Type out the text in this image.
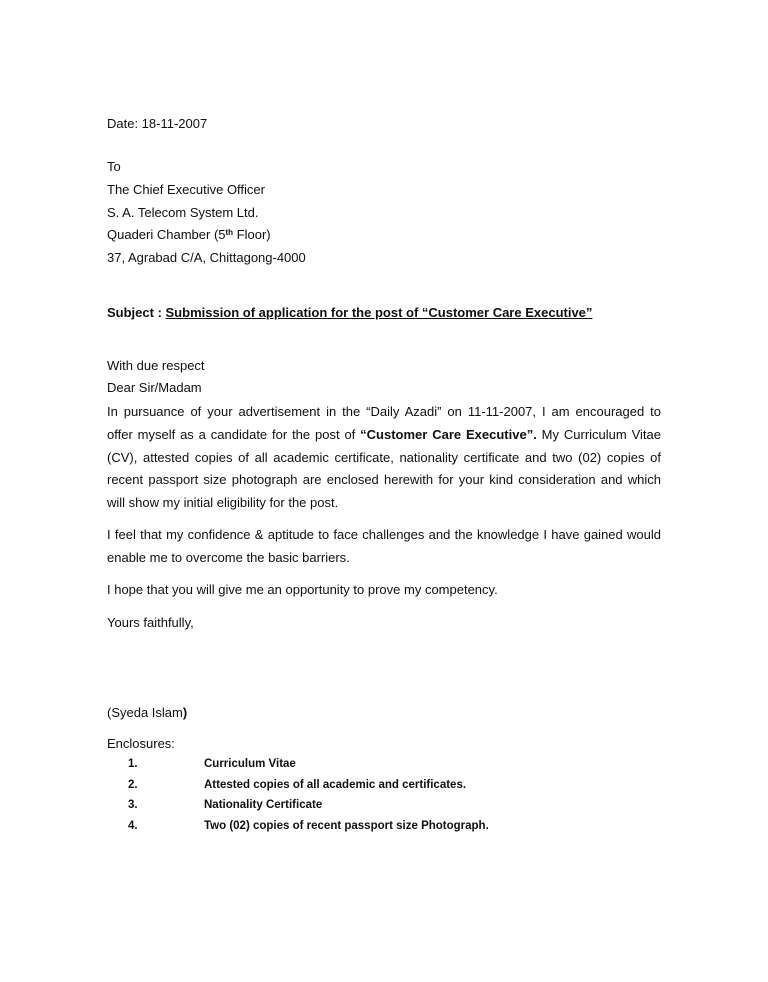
Date: 18-11-2007
To
The Chief Executive Officer
S. A. Telecom System Ltd.
Quaderi Chamber (5th Floor)
37, Agrabad C/A, Chittagong-4000
Subject : Submission of application for the post of “Customer Care Executive”
With due respect
Dear Sir/Madam
In pursuance of your advertisement in the “Daily Azadi” on 11-11-2007, I am encouraged to
offer myself as a candidate for the post of “Customer Care Executive”. My Curriculum Vitae
(CV), attested copies of all academic certificate, nationality certificate and two (02) copies of
recent passport size photograph are enclosed herewith for your kind consideration and which
will show my initial eligibility for the post.
I feel that my confidence & aptitude to face challenges and the knowledge I have gained would
enable me to overcome the basic barriers.
I hope that you will give me an opportunity to prove my competency.
Yours faithfully,
(Syeda Islam)
Enclosures:
1.	Curriculum Vitae
2.	Attested copies of all academic and certificates.
3.	Nationality Certificate
4.	Two (02) copies of recent passport size Photograph.
